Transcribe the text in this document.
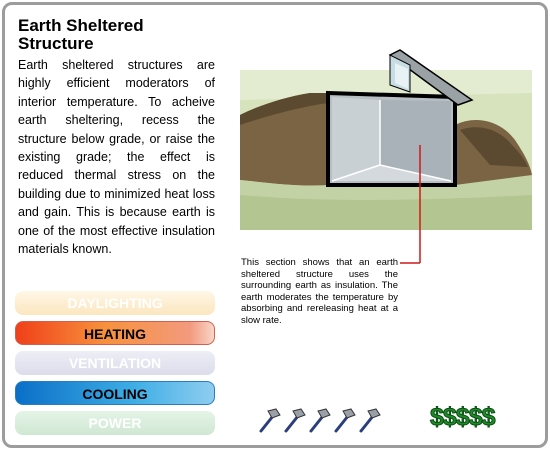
Earth Sheltered Structure

Earth sheltered structures are highly efficient moderators of interior temperature. To acheive earth sheltering, recess the structure below grade, or raise the existing grade; the effect is reduced thermal stress on the building due to minimized heat loss and gain. This is because earth is one of the most effective insulation materials known.

This section shows that an earth sheltered structure uses the surrounding earth as insulation. The earth moderates the temperature by absorbing and rereleasing heat at a slow rate.

DAYLIGHTING
HEATING
VENTILATION
COOLING
POWER	$$$$$
